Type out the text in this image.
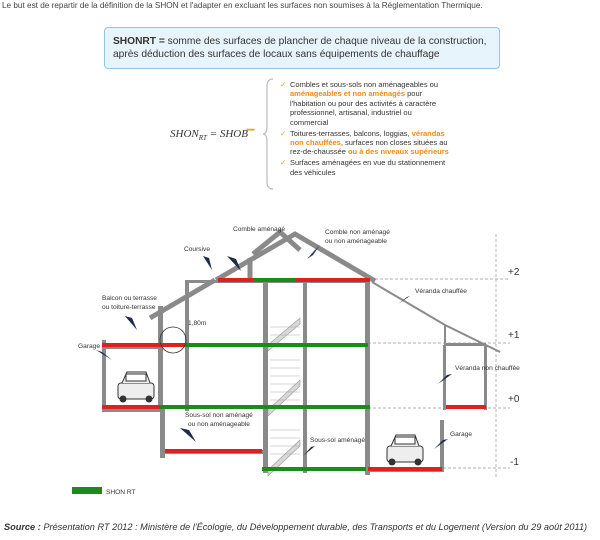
Le but est de repartir de la définition de la SHON et l'adapter en excluant les surfaces non soumises à la Réglementation Thermique.
SHONRT = somme des surfaces de plancher de chaque niveau de la construction, après déduction des surfaces de locaux sans équipements de chauffage
$SHON_{RT}$ = SHOB
−
✓ Combles et sous-sols non aménageables ou aménageables et non aménagés pour l'habitation ou pour des activités à caractère professionnel, artisanal, industriel ou commercial
✓ Toitures-terrasses, balcons, loggias, vérandas non chauffées, surfaces non closes situées au rez-de-chaussée ou à des niveaux supérieurs
✓ Surfaces aménagées en vue du stationnement des véhicules
+2
+1
+0
-1
1,80m
Comble aménagé	Comble non aménagé
ou non aménageable
Coursive
Balcon ou terrasse
ou toiture-terrasse
Garage
Véranda chauffée
Véranda non chauffée
Sous-sol non aménagé
ou non aménageable
Sous-sol aménagé
Garage
SHON RT
Source : Présentation RT 2012 : Ministère de l'Écologie, du Développement durable, des Transports et du Logement (Version du 29 août 2011)
